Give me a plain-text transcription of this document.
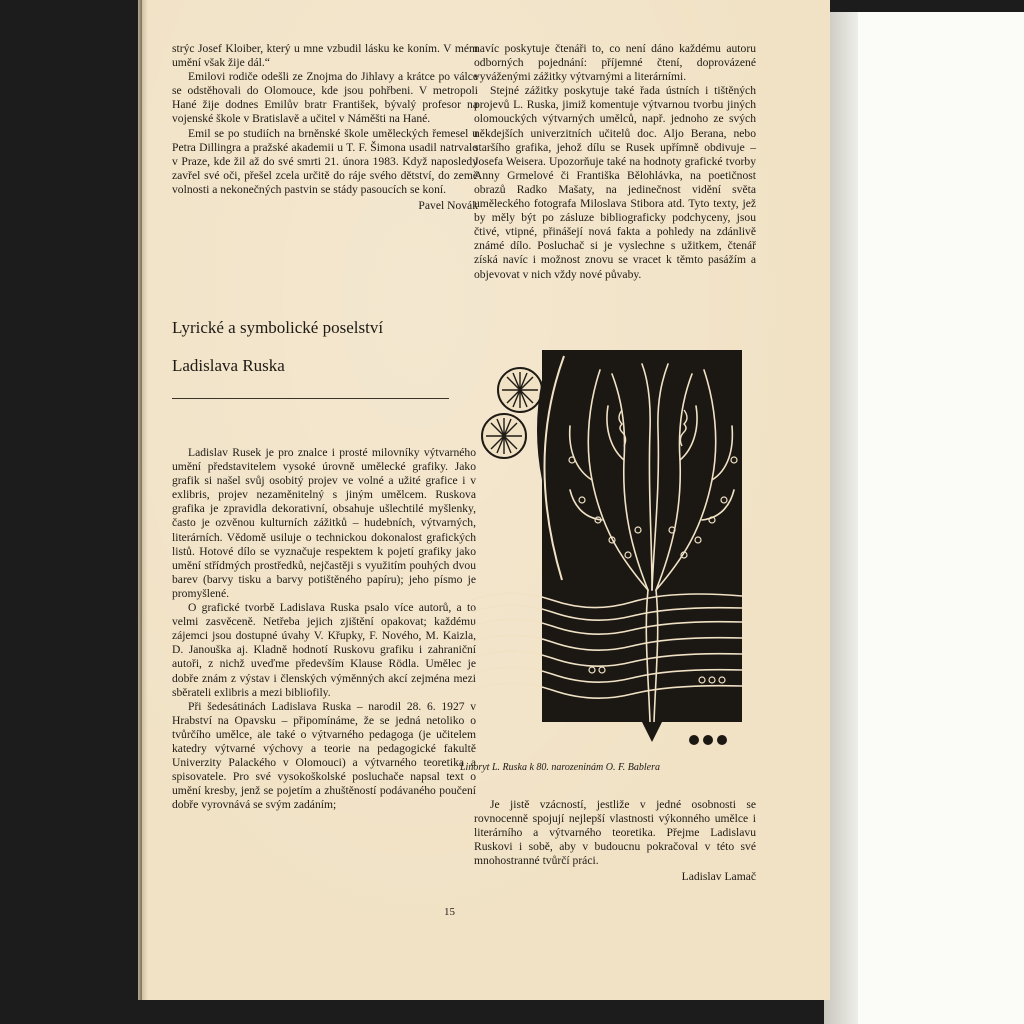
strýc Josef Kloiber, který u mne vzbudil lásku ke koním. V mém umění však žije dál.“

Emilovi rodiče odešli ze Znojma do Jihlavy a krátce po válce se odstěhovali do Olomouce, kde jsou pohřbeni. V metropoli Hané žije dodnes Emilův bratr František, bývalý profesor na vojenské škole v Bratislavě a učitel v Náměšti na Hané.

Emil se po studiích na brněnské škole uměleckých řemesel u Petra Dillingra a pražské akademii u T. F. Šimona usadil natrvalo v Praze, kde žil až do své smrti 21. února 1983. Když naposledy zavřel své oči, přešel zcela určitě do ráje svého dětství, do země volnosti a nekonečných pastvin se stády pasoucích se koní.

Pavel Novák
Lyrické a symbolické poselství
Ladislava Ruska

Ladislav Rusek je pro znalce i prosté milovníky výtvarného umění představitelem vysoké úrovně umělecké grafiky. Jako grafik si našel svůj osobitý projev ve volné a užité grafice i v exlibris, projev nezaměnitelný s jiným umělcem. Ruskova grafika je zpravidla dekorativní, obsahuje ušlechtilé myšlenky, často je ozvěnou kulturních zážitků – hudebních, výtvarných, literárních. Vědomě usiluje o technickou dokonalost grafických listů. Hotové dílo se vyznačuje respektem k pojetí grafiky jako umění střídmých prostředků, nejčastěji s využitím pouhých dvou barev (barvy tisku a barvy potištěného papíru); jeho písmo je promyšlené.

O grafické tvorbě Ladislava Ruska psalo více autorů, a to velmi zasvěceně. Netřeba jejich zjištění opakovat; každému zájemci jsou dostupné úvahy V. Křupky, F. Nového, M. Kaizla, D. Janouška aj. Kladně hodnotí Ruskovu grafiku i zahraniční autoři, z nichž uveďme především Klause Rödla. Umělec je dobře znám z výstav i členských výměnných akcí zejména mezi sběrateli exlibris a mezi bibliofily.

Při šedesátinách Ladislava Ruska – narodil 28. 6. 1927 v Hrabství na Opavsku – připomínáme, že se jedná netoliko o tvůrčího umělce, ale také o výtvarného pedagoga (je učitelem katedry výtvarné výchovy a teorie na pedagogické fakultě Univerzity Palackého v Olomouci) a výtvarného teoretika a spisovatele. Pro své vysokoškolské posluchače napsal text o umění kresby, jenž se pojetím a zhuštěností podávaného poučení dobře vyrovnává se svým zadáním;

navíc poskytuje čtenáři to, co není dáno každému autoru odborných pojednání: příjemné čtení, doprovázené vyváženými zážitky výtvarnými a literárními.

Stejné zážitky poskytuje také řada ústních i tištěných projevů L. Ruska, jimiž komentuje výtvarnou tvorbu jiných olomouckých výtvarných umělců, např. jednoho ze svých někdejších univerzitních učitelů doc. Aljo Berana, nebo staršího grafika, jehož dílu se Rusek upřímně obdivuje – Josefa Weisera. Upozorňuje také na hodnoty grafické tvorby Anny Grmelové či Františka Bělohlávka, na poetičnost obrazů Radko Mašaty, na jedinečnost vidění světa uměleckého fotografa Miloslava Stibora atd. Tyto texty, jež by měly být po zásluze bibliograficky podchyceny, jsou čtivé, vtipné, přinášejí nová fakta a pohledy na zdánlivě známé dílo. Posluchač si je vyslechne s užitkem, čtenář získá navíc i možnost znovu se vracet k těmto pasážím a objevovat v nich vždy nové půvaby.

Linoryt L. Ruska k 80. narozeninám O. F. Bablera

Je jistě vzácností, jestliže v jedné osobnosti se rovnocenně spojují nejlepší vlastnosti výkonného umělce i literárního a výtvarného teoretika. Přejme Ladislavu Ruskovi i sobě, aby v budoucnu pokračoval v této své mnohostranné tvůrčí práci.

Ladislav Lamač
15
